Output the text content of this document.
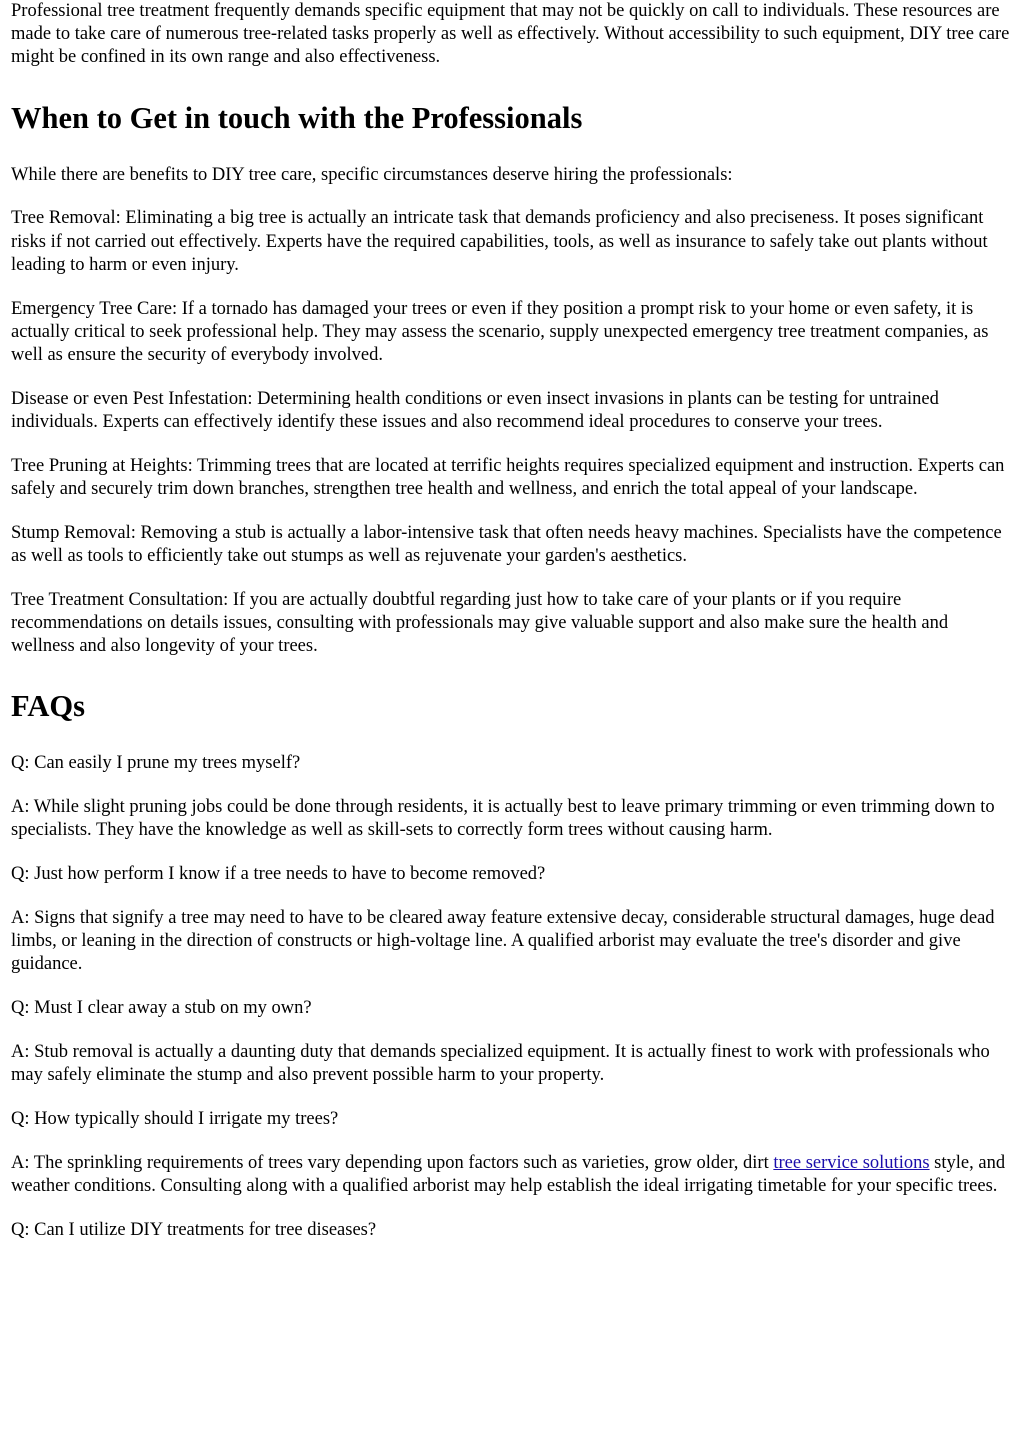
Professional tree treatment frequently demands specific equipment that may not be quickly on call to individuals. These resources are made to take care of numerous tree-related tasks properly as well as effectively. Without accessibility to such equipment, DIY tree care might be confined in its own range and also effectiveness.

When to Get in touch with the Professionals

While there are benefits to DIY tree care, specific circumstances deserve hiring the professionals:

Tree Removal: Eliminating a big tree is actually an intricate task that demands proficiency and also preciseness. It poses significant risks if not carried out effectively. Experts have the required capabilities, tools, as well as insurance to safely take out plants without leading to harm or even injury.

Emergency Tree Care: If a tornado has damaged your trees or even if they position a prompt risk to your home or even safety, it is actually critical to seek professional help. They may assess the scenario, supply unexpected emergency tree treatment companies, as well as ensure the security of everybody involved.

Disease or even Pest Infestation: Determining health conditions or even insect invasions in plants can be testing for untrained individuals. Experts can effectively identify these issues and also recommend ideal procedures to conserve your trees.

Tree Pruning at Heights: Trimming trees that are located at terrific heights requires specialized equipment and instruction. Experts can safely and securely trim down branches, strengthen tree health and wellness, and enrich the total appeal of your landscape.

Stump Removal: Removing a stub is actually a labor-intensive task that often needs heavy machines. Specialists have the competence as well as tools to efficiently take out stumps as well as rejuvenate your garden's aesthetics.

Tree Treatment Consultation: If you are actually doubtful regarding just how to take care of your plants or if you require recommendations on details issues, consulting with professionals may give valuable support and also make sure the health and wellness and also longevity of your trees.

FAQs

Q: Can easily I prune my trees myself?

A: While slight pruning jobs could be done through residents, it is actually best to leave primary trimming or even trimming down to specialists. They have the knowledge as well as skill-sets to correctly form trees without causing harm.

Q: Just how perform I know if a tree needs to have to become removed?

A: Signs that signify a tree may need to have to be cleared away feature extensive decay, considerable structural damages, huge dead limbs, or leaning in the direction of constructs or high-voltage line. A qualified arborist may evaluate the tree's disorder and give guidance.

Q: Must I clear away a stub on my own?

A: Stub removal is actually a daunting duty that demands specialized equipment. It is actually finest to work with professionals who may safely eliminate the stump and also prevent possible harm to your property.

Q: How typically should I irrigate my trees?

A: The sprinkling requirements of trees vary depending upon factors such as varieties, grow older, dirt tree service solutions style, and weather conditions. Consulting along with a qualified arborist may help establish the ideal irrigating timetable for your specific trees.

Q: Can I utilize DIY treatments for tree diseases?
